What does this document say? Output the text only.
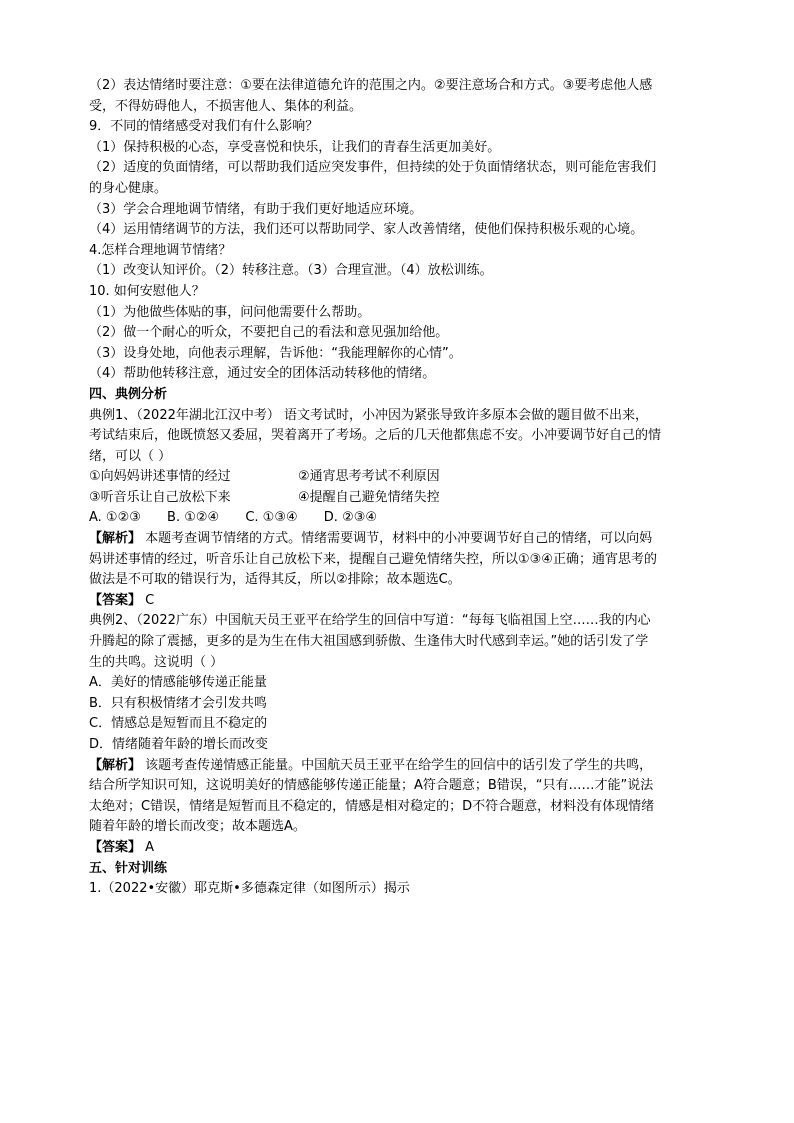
（2）表达情绪时要注意：①要在法律道德允许的范围之内。②要注意场合和方式。③要考虑他人感

受，不得妨碍他人，不损害他人、集体的利益。

9．不同的情绪感受对我们有什么影响？

（1）保持积极的心态，享受喜悦和快乐，让我们的青春生活更加美好。

（2）适度的负面情绪，可以帮助我们适应突发事件，但持续的处于负面情绪状态，则可能危害我们

的身心健康。

（3）学会合理地调节情绪，有助于我们更好地适应环境。

（4）运用情绪调节的方法，我们还可以帮助同学、家人改善情绪，使他们保持积极乐观的心境。

4.怎样合理地调节情绪？

（1）改变认知评价。（2）转移注意。（3）合理宣泄。（4）放松训练。

10. 如何安慰他人？

（1）为他做些体贴的事，问问他需要什么帮助。

（2）做一个耐心的听众，不要把自己的看法和意见强加给他。

（3）设身处地，向他表示理解，告诉他：“我能理解你的心情”。

（4）帮助他转移注意，通过安全的团体活动转移他的情绪。

四、典例分析

典例1、（2022年湖北江汉中考） 语文考试时，小冲因为紧张导致许多原本会做的题目做不出来，

考试结束后，他既愤怒又委屈，哭着离开了考场。之后的几天他都焦虑不安。小冲要调节好自己的情

绪，可以（ ）

①向妈妈讲述事情的经过	②通宵思考考试不利原因
③听音乐让自己放松下来	④提醒自己避免情绪失控
A. ①②③ B. ①②④ C. ①③④ D. ②③④

【解析】 本题考查调节情绪的方式。情绪需要调节，材料中的小冲要调节好自己的情绪，可以向妈

妈讲述事情的经过，听音乐让自己放松下来，提醒自己避免情绪失控，所以①③④正确；通宵思考的

做法是不可取的错误行为，适得其反，所以②排除；故本题选C。

【答案】 C

典例2、（2022广东）中国航天员王亚平在给学生的回信中写道：“每每飞临祖国上空……我的内心

升腾起的除了震撼，更多的是为生在伟大祖国感到骄傲、生逢伟大时代感到幸运。”她的话引发了学

生的共鸣。这说明（ ）

A．美好的情感能够传递正能量

B．只有积极情绪才会引发共鸣

C．情感总是短暂而且不稳定的

D．情绪随着年龄的增长而改变

【解析】 该题考查传递情感正能量。中国航天员王亚平在给学生的回信中的话引发了学生的共鸣，

结合所学知识可知，这说明美好的情感能够传递正能量；A符合题意；B错误，“只有……才能”说法

太绝对；C错误，情绪是短暂而且不稳定的，情感是相对稳定的；D不符合题意，材料没有体现情绪

随着年龄的增长而改变；故本题选A。

【答案】 A

五、针对训练

1.（2022•安徽）耶克斯•多德森定律（如图所示）揭示
